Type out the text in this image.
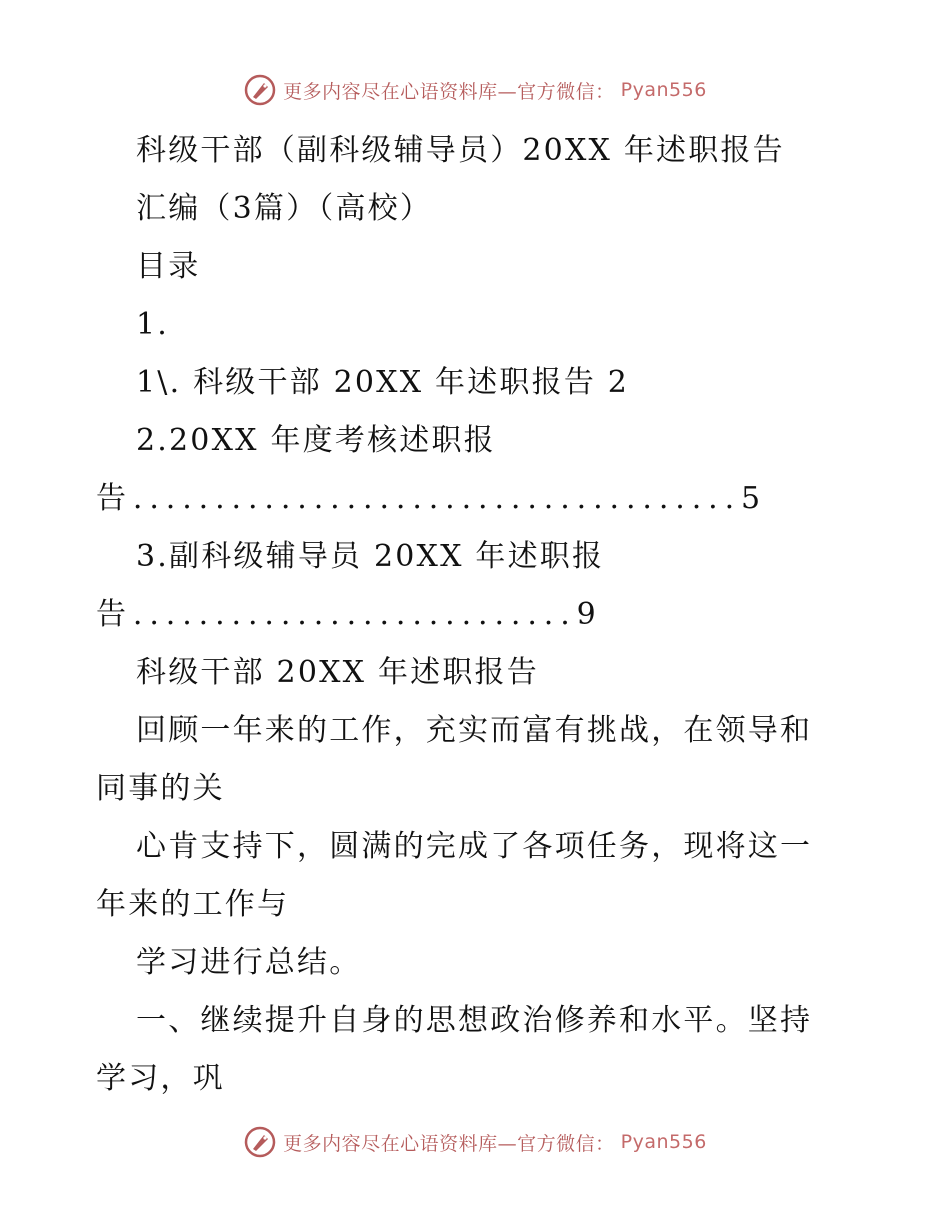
更多内容尽在心语资料库—官方微信： Pyan556
科级干部（副科级辅导员）20XX 年述职报告
汇编（3篇）（高校）
目录
1.
1\. 科级干部 20XX 年述职报告 2
2.20XX 年度考核述职报
告.....................................5
3.副科级辅导员 20XX 年述职报
告...........................9
科级干部 20XX 年述职报告
回顾一年来的工作，充实而富有挑战，在领导和
同事的关
心肯支持下，圆满的完成了各项任务，现将这一
年来的工作与
学习进行总结。
一、继续提升自身的思想政治修养和水平。坚持
学习，巩
更多内容尽在心语资料库—官方微信： Pyan556
